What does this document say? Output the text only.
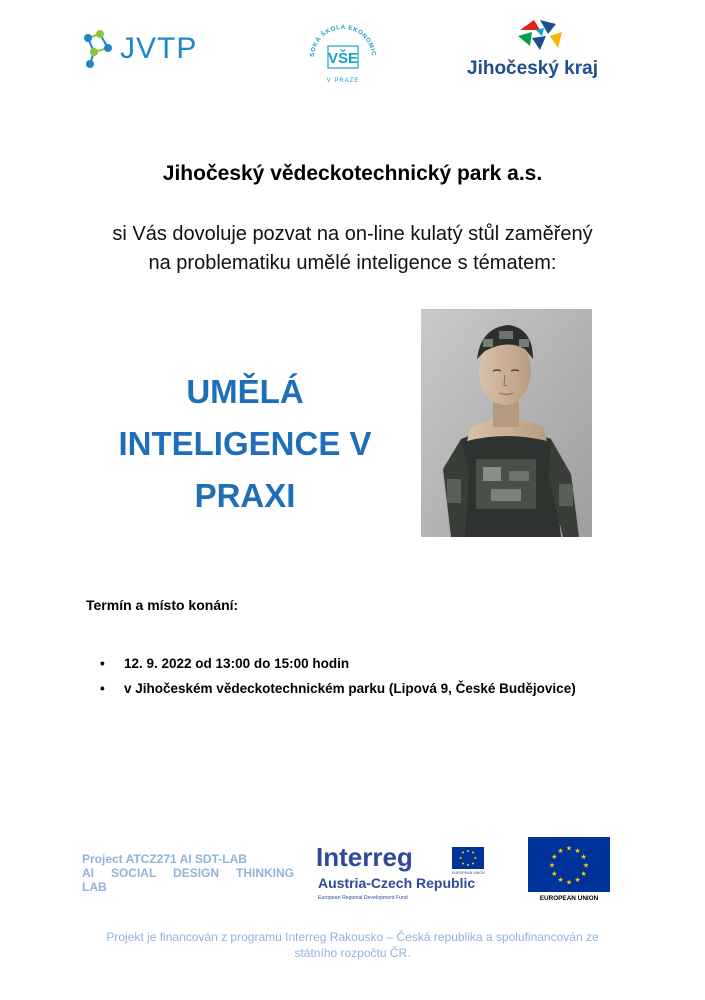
JVTP	SOKÁ ŠKOLA EKONOMIC
VŠE
V PRAZE
Jihočeský kraj
Jihočeský vědeckotechnický park a.s.
si Vás dovoluje pozvat na on-line kulatý stůl zaměřený
na problematiku umělé inteligence s tématem:
UMĚLÁ
INTELIGENCE V
PRAXI
Termín a místo konání:
• 12. 9. 2022 od 13:00 do 15:00 hodin
• v Jihočeském vědeckotechnickém parku (Lipová 9, České Budějovice)
Project ATCZ271 AI SDT-LAB
AI SOCIAL DESIGN THINKING
LAB
Interreg
EUROPEAN UNION
Austria-Czech Republic
European Regional Development Fund
★ ★
★
★
★
★
★
★
★
★
★
★
EUROPEAN UNION
Projekt je financován z programu Interreg Rakousko – Česká republika a spolufinancován ze
státního rozpočtu ČR.
